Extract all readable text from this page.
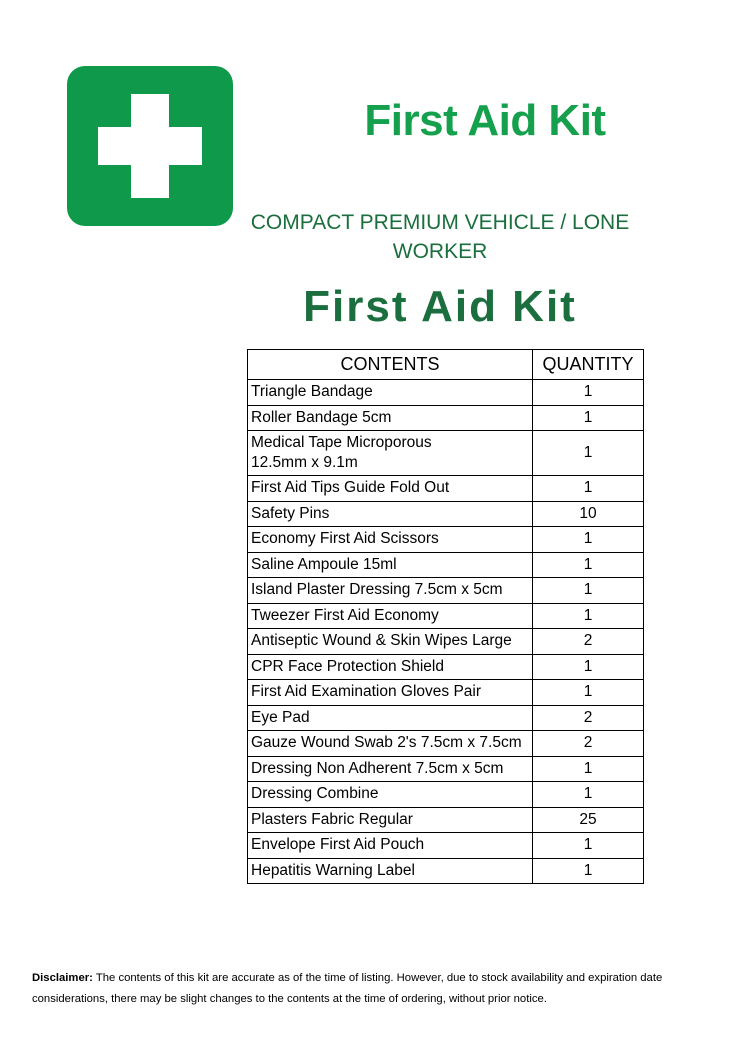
First Aid Kit
COMPACT PREMIUM VEHICLE / LONE WORKER
First Aid Kit
CONTENTS	QUANTITY
Triangle Bandage	1
Roller Bandage 5cm	1
Medical Tape Microporous
12.5mm x 9.1m	1
First Aid Tips Guide Fold Out	1
Safety Pins	10
Economy First Aid Scissors	1
Saline Ampoule 15ml	1
Island Plaster Dressing 7.5cm x 5cm	1
Tweezer First Aid Economy	1
Antiseptic Wound & Skin Wipes Large	2
CPR Face Protection Shield	1
First Aid Examination Gloves Pair	1
Eye Pad	2
Gauze Wound Swab 2's 7.5cm x 7.5cm	2
Dressing Non Adherent 7.5cm x 5cm	1
Dressing Combine	1
Plasters Fabric Regular	25
Envelope First Aid Pouch	1
Hepatitis Warning Label	1
Disclaimer: The contents of this kit are accurate as of the time of listing. However, due to stock availability and expiration date considerations, there may be slight changes to the contents at the time of ordering, without prior notice.
